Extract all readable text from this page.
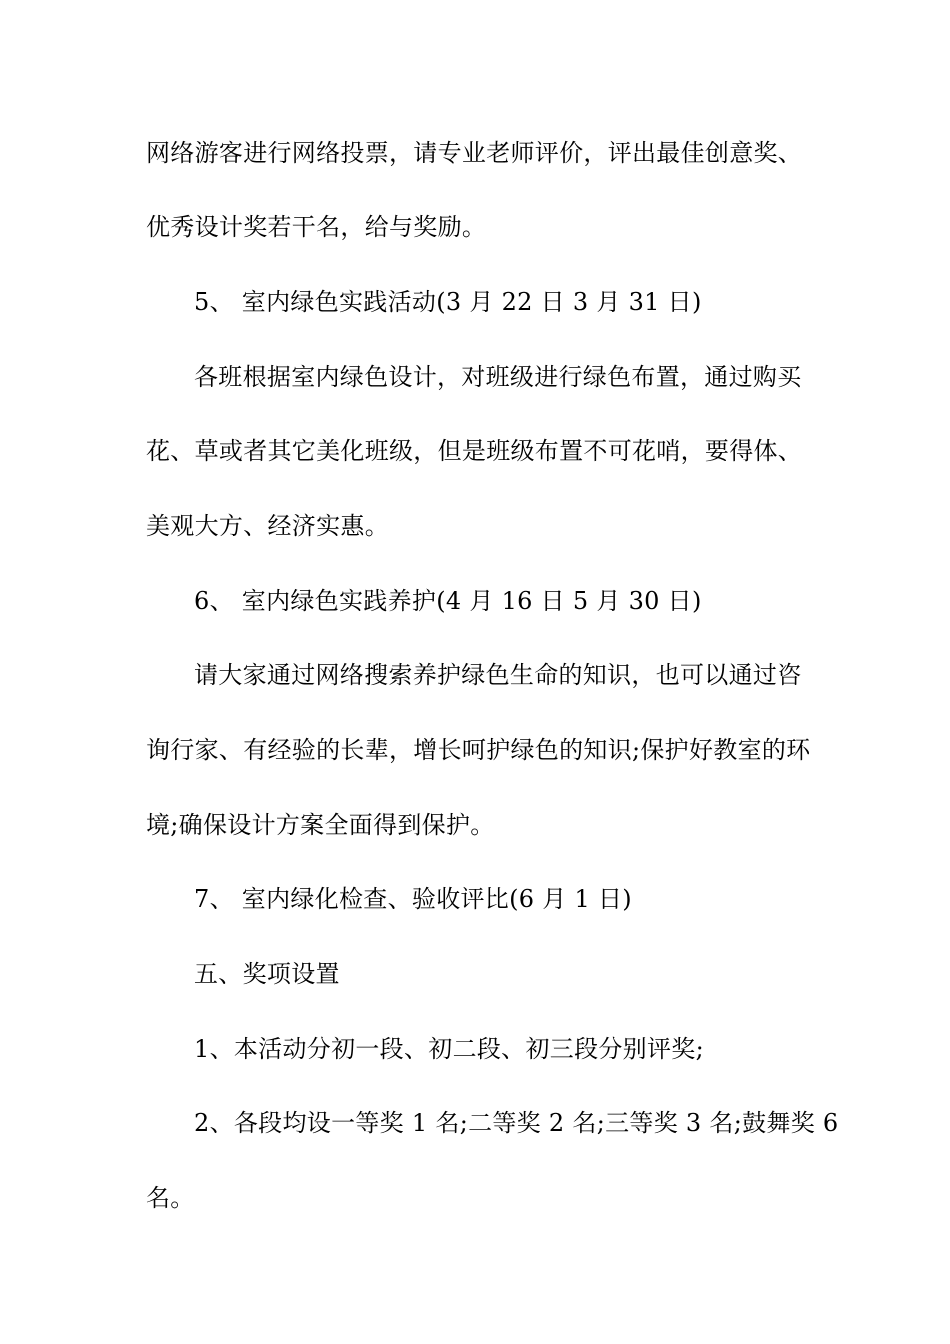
网络游客进行网络投票，请专业老师评价，评出最佳创意奖、
优秀设计奖若干名，给与奖励。
5、 室内绿色实践活动(3 月 22 日 3 月 31 日)
各班根据室内绿色设计，对班级进行绿色布置，通过购买
花、草或者其它美化班级，但是班级布置不可花哨，要得体、
美观大方、经济实惠。
6、 室内绿色实践养护(4 月 16 日 5 月 30 日)
请大家通过网络搜索养护绿色生命的知识，也可以通过咨
询行家、有经验的长辈，增长呵护绿色的知识;保护好教室的环
境;确保设计方案全面得到保护。
7、 室内绿化检查、验收评比(6 月 1 日)
五、奖项设置
1、本活动分初一段、初二段、初三段分别评奖;
2、各段均设一等奖 1 名;二等奖 2 名;三等奖 3 名;鼓舞奖 6
名。
